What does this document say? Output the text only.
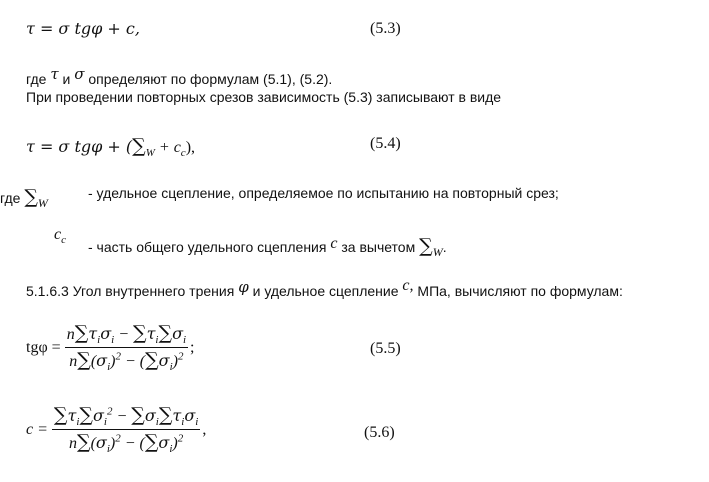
τ = σ tgφ + c,	(5.3)
где τ и σ определяют по формулам (5.1), (5.2).
При проведении повторных срезов зависимость (5.3) записывают в виде
τ = σ $tg\varphi + (\sum_W + c_c)$,	(5.4)
где $\sum_W$
- удельное сцепление, определяемое по испытанию на повторный срез;
$c_c$ - часть общего удельного сцепления c за вычетом $\sum_W$.
5.1.6.3 Угол внутреннего трения φ и удельное сцепление c, МПа, вычисляют по формулам:
$tg\varphi = \frac{n\sum\tau_i\sigma_i - \sum\tau_i\sum\sigma_i}{n\sum(\sigma_i)^2 - (\sum\sigma_i)^2}$ ;	(5.5)
$c = \frac{\sum\tau_i\sum\sigma_i^2 - \sum\sigma_i\sum\tau_i\sigma_i}{n\sum(\sigma_i)^2 - (\sum\sigma_i)^2}$ ,	(5.6)
